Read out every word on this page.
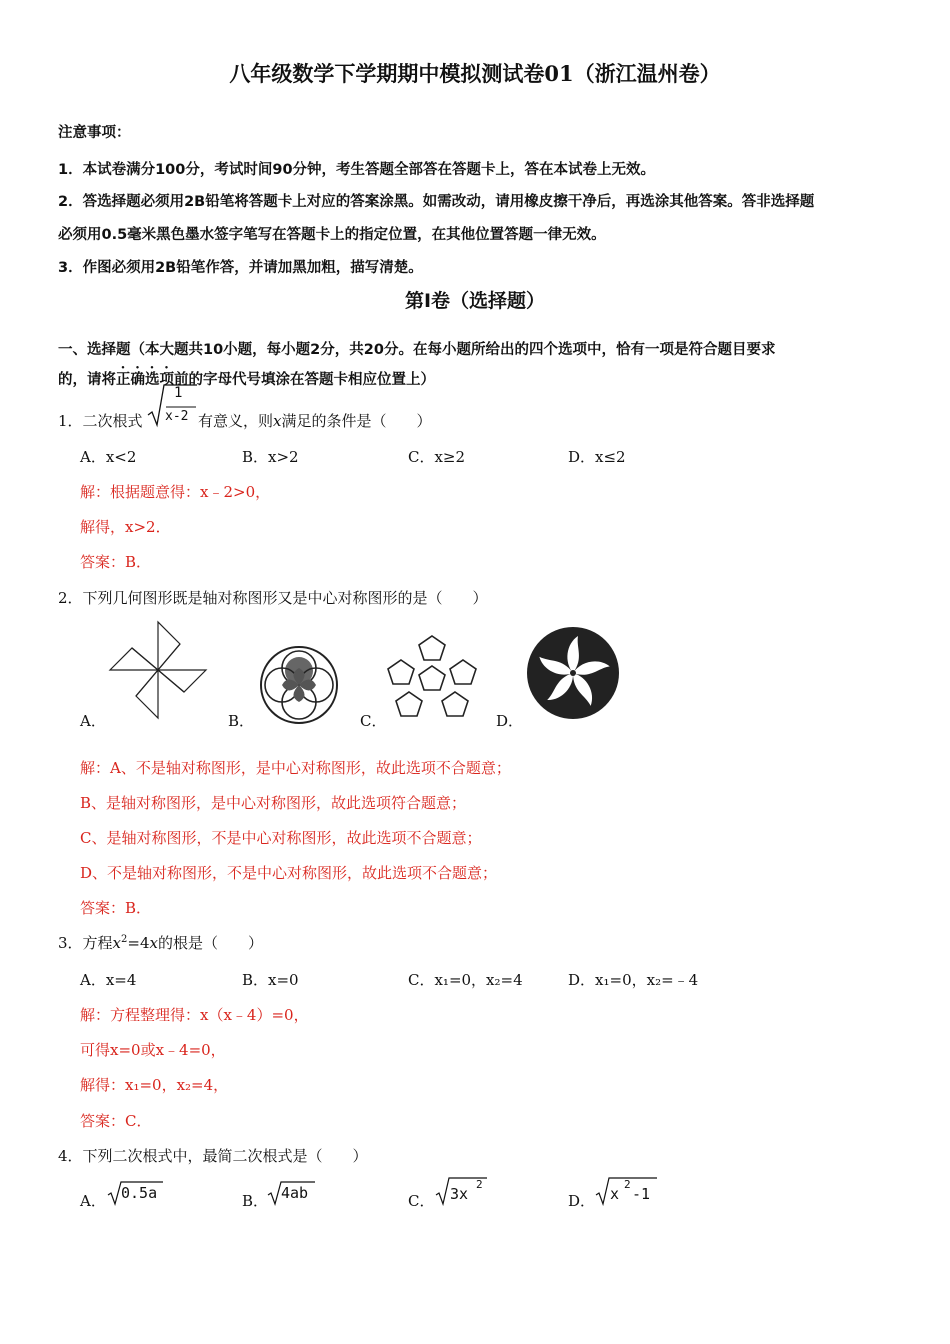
八年级数学下学期期中模拟测试卷01（浙江温州卷）
注意事项：
1．本试卷满分100分，考试时间90分钟，考生答题全部答在答题卡上，答在本试卷上无效。
2．答选择题必须用2B铅笔将答题卡上对应的答案涂黑。如需改动，请用橡皮擦干净后，再选涂其他答案。答非选择题
必须用0.5毫米黑色墨水签字笔写在答题卡上的指定位置，在其他位置答题一律无效。
3．作图必须用2B铅笔作答，并请加黑加粗，描写清楚。
第Ⅰ卷（选择题）
一、选择题（本大题共10小题，每小题2分，共20分。在每小题所给出的四个选项中，恰有一项是符合题目要求
的，请将正确选项前的字母代号填涂在答题卡相应位置上）
1．二次根式
1
x-2 有意义，则x满足的条件是（　　）
A．x<2	B．x>2	C．x≥2	D．x≤2
解：根据题意得：x﹣2>0，
解得，x>2．
答案：B．
2．下列几何图形既是轴对称图形又是中心对称图形的是（　　）
A．	B．	C．	D．
解：A、不是轴对称图形，是中心对称图形，故此选项不合题意；
B、是轴对称图形，是中心对称图形，故此选项符合题意；
C、是轴对称图形，不是中心对称图形，故此选项不合题意；
D、不是轴对称图形，不是中心对称图形，故此选项不合题意；
答案：B．
3．方程$x^2=4x$的根是（　　）
A．x=4	B．x=0	C．x₁=0，x₂=4	D．x₁=0，x₂=﹣4
解：方程整理得：x（x﹣4）=0，
可得x=0或x﹣4=0，
解得：x₁=0，x₂=4，
答案：C．
4．下列二次根式中，最简二次根式是（　　）
A． 0.5a	B． 4ab	C． 3x
2
D． x
2
-1
